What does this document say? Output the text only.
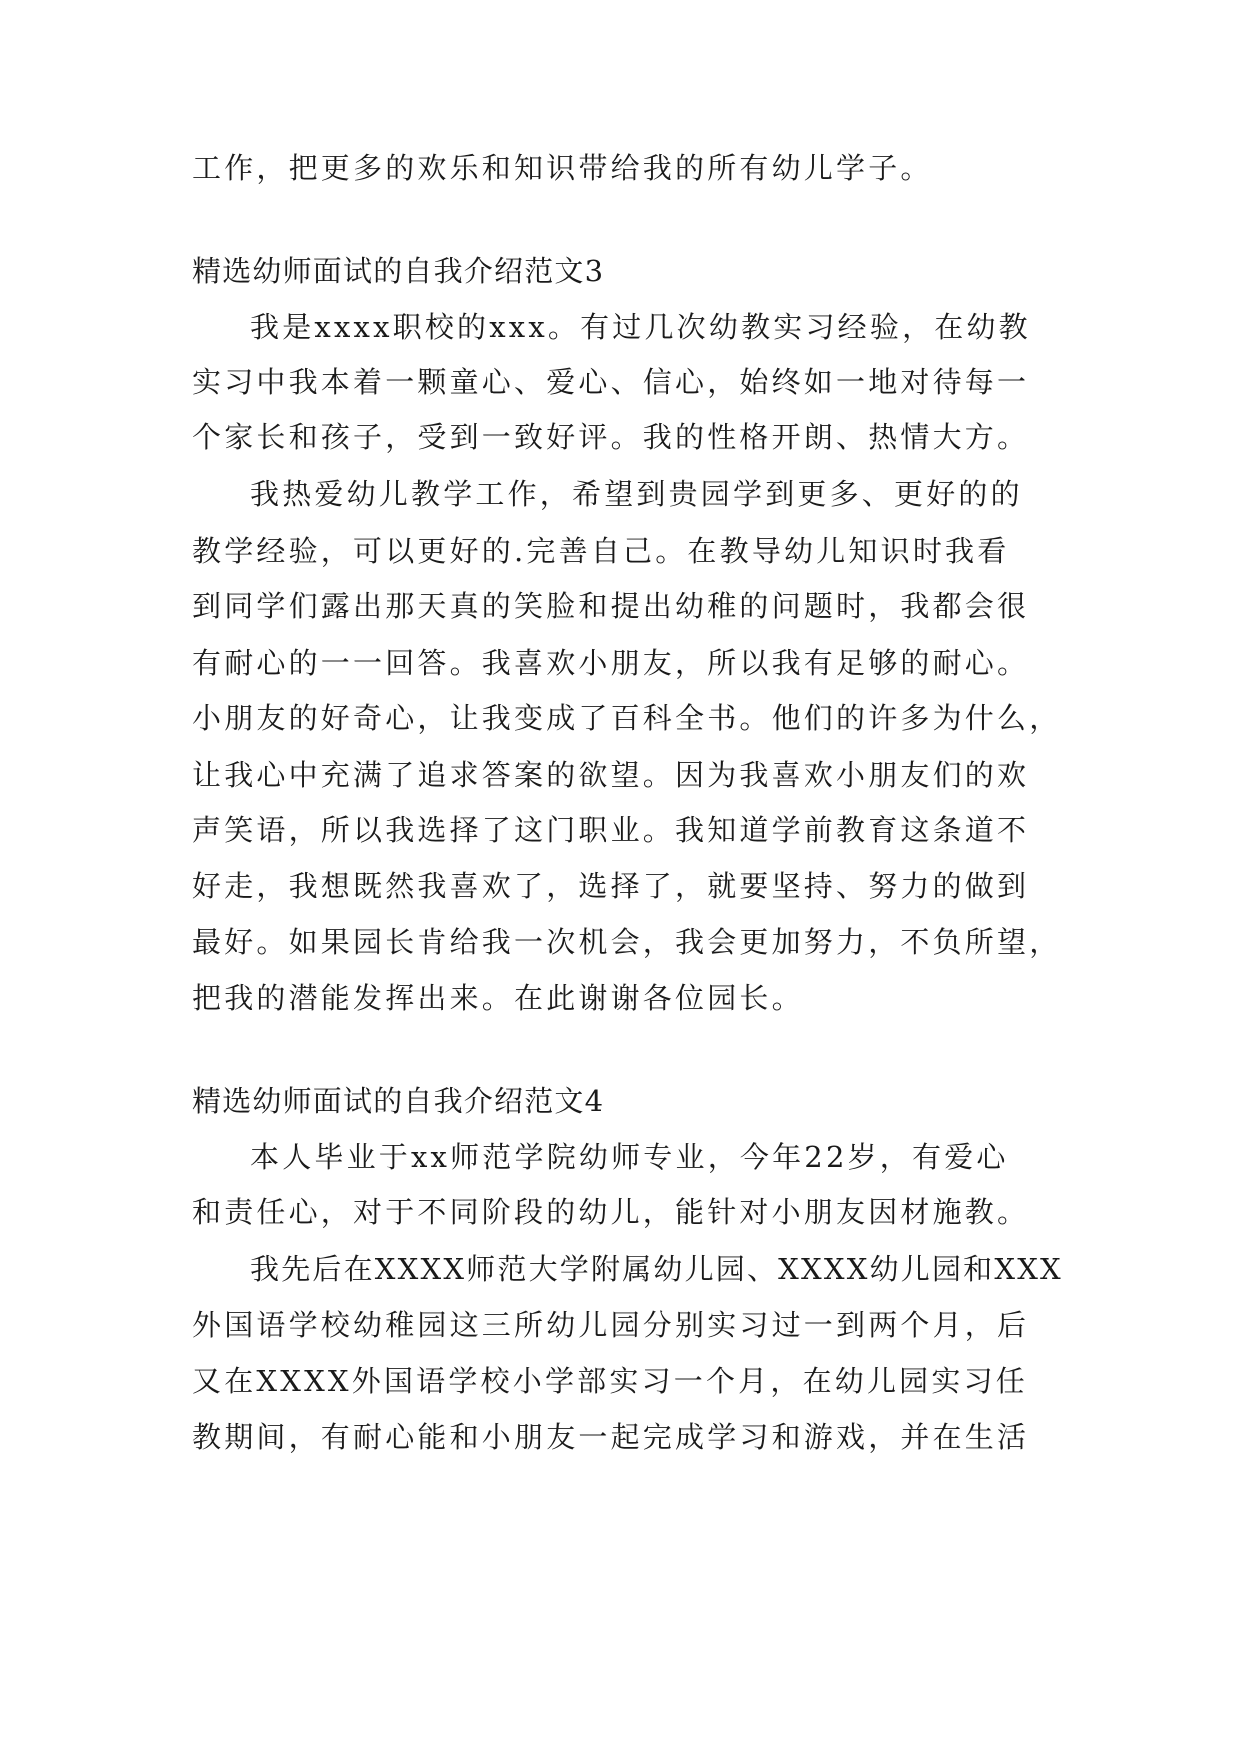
工作，把更多的欢乐和知识带给我的所有幼儿学子。
精选幼师面试的自我介绍范文3
我是xxxx职校的xxx。有过几次幼教实习经验，在幼教
实习中我本着一颗童心、爱心、信心，始终如一地对待每一
个家长和孩子，受到一致好评。我的性格开朗、热情大方。
我热爱幼儿教学工作，希望到贵园学到更多、更好的的
教学经验，可以更好的.完善自己。在教导幼儿知识时我看
到同学们露出那天真的笑脸和提出幼稚的问题时，我都会很
有耐心的一一回答。我喜欢小朋友，所以我有足够的耐心。
小朋友的好奇心，让我变成了百科全书。他们的许多为什么，
让我心中充满了追求答案的欲望。因为我喜欢小朋友们的欢
声笑语，所以我选择了这门职业。我知道学前教育这条道不
好走，我想既然我喜欢了，选择了，就要坚持、努力的做到
最好。如果园长肯给我一次机会，我会更加努力，不负所望，
把我的潜能发挥出来。在此谢谢各位园长。
精选幼师面试的自我介绍范文4
本人毕业于xx师范学院幼师专业，今年22岁，有爱心
和责任心，对于不同阶段的幼儿，能针对小朋友因材施教。
我先后在XXXX师范大学附属幼儿园、XXXX幼儿园和XXX
外国语学校幼稚园这三所幼儿园分别实习过一到两个月，后
又在XXXX外国语学校小学部实习一个月，在幼儿园实习任
教期间，有耐心能和小朋友一起完成学习和游戏，并在生活
